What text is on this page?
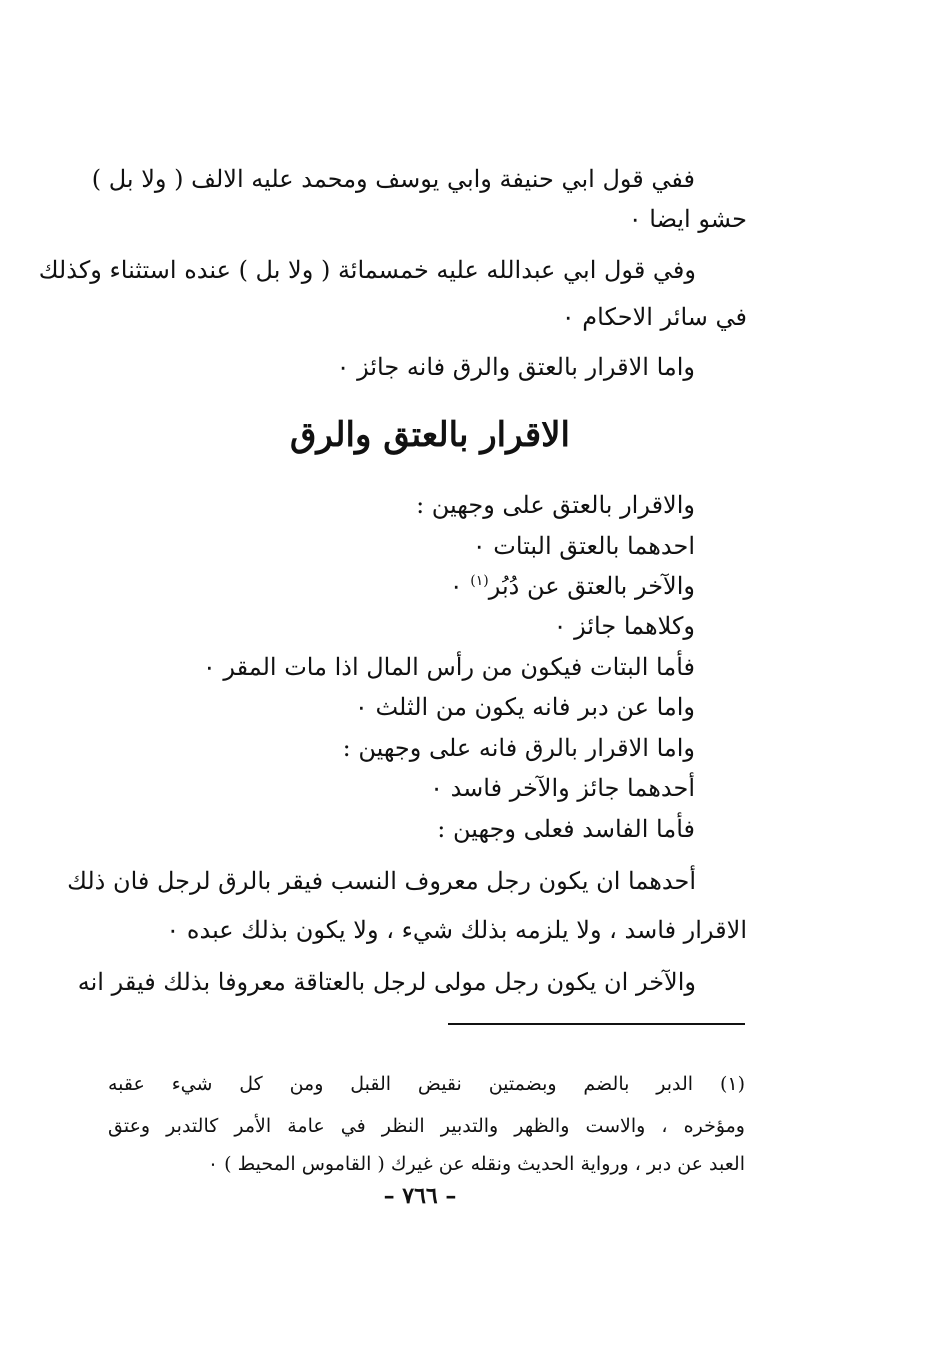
ففي قول ابي حنيفة وابي يوسف ومحمد عليه الالف ( ولا بل )

حشو ايضا ٠

وفي قول ابي عبدالله عليه خمسمائة ( ولا بل ) عنده استثناء وكذلك

في سائر الاحكام ٠

واما الاقرار بالعتق والرق فانه جائز ٠

الاقرار بالعتق والرق

والاقرار بالعتق على وجهين :

احدهما بالعتق البتات ٠

والآخر بالعتق عن دُبُر$^{(١)}$ ٠

وكلاهما جائز ٠

فأما البتات فيكون من رأس المال اذا مات المقر ٠

واما عن دبر فانه يكون من الثلث ٠

واما الاقرار بالرق فانه على وجهين :

أحدهما جائز والآخر فاسد ٠

فأما الفاسد فعلى وجهين :

أحدهما ان يكون رجل معروف النسب فيقر بالرق لرجل فان ذلك

الاقرار فاسد ، ولا يلزمه بذلك شيء ، ولا يكون بذلك عبده ٠

والآخر ان يكون رجل مولى لرجل بالعتاقة معروفا بذلك فيقر انه

(١) الدبر بالضم وبضمتين نقيض القبل ومن كل شيء عقبه

ومؤخره ، والاست والظهر والتدبير النظر في عامة الأمر كالتدبر وعتق

العبد عن دبر ، ورواية الحديث ونقله عن غيرك ( القاموس المحيط ) ٠

– ٧٦٦ –
